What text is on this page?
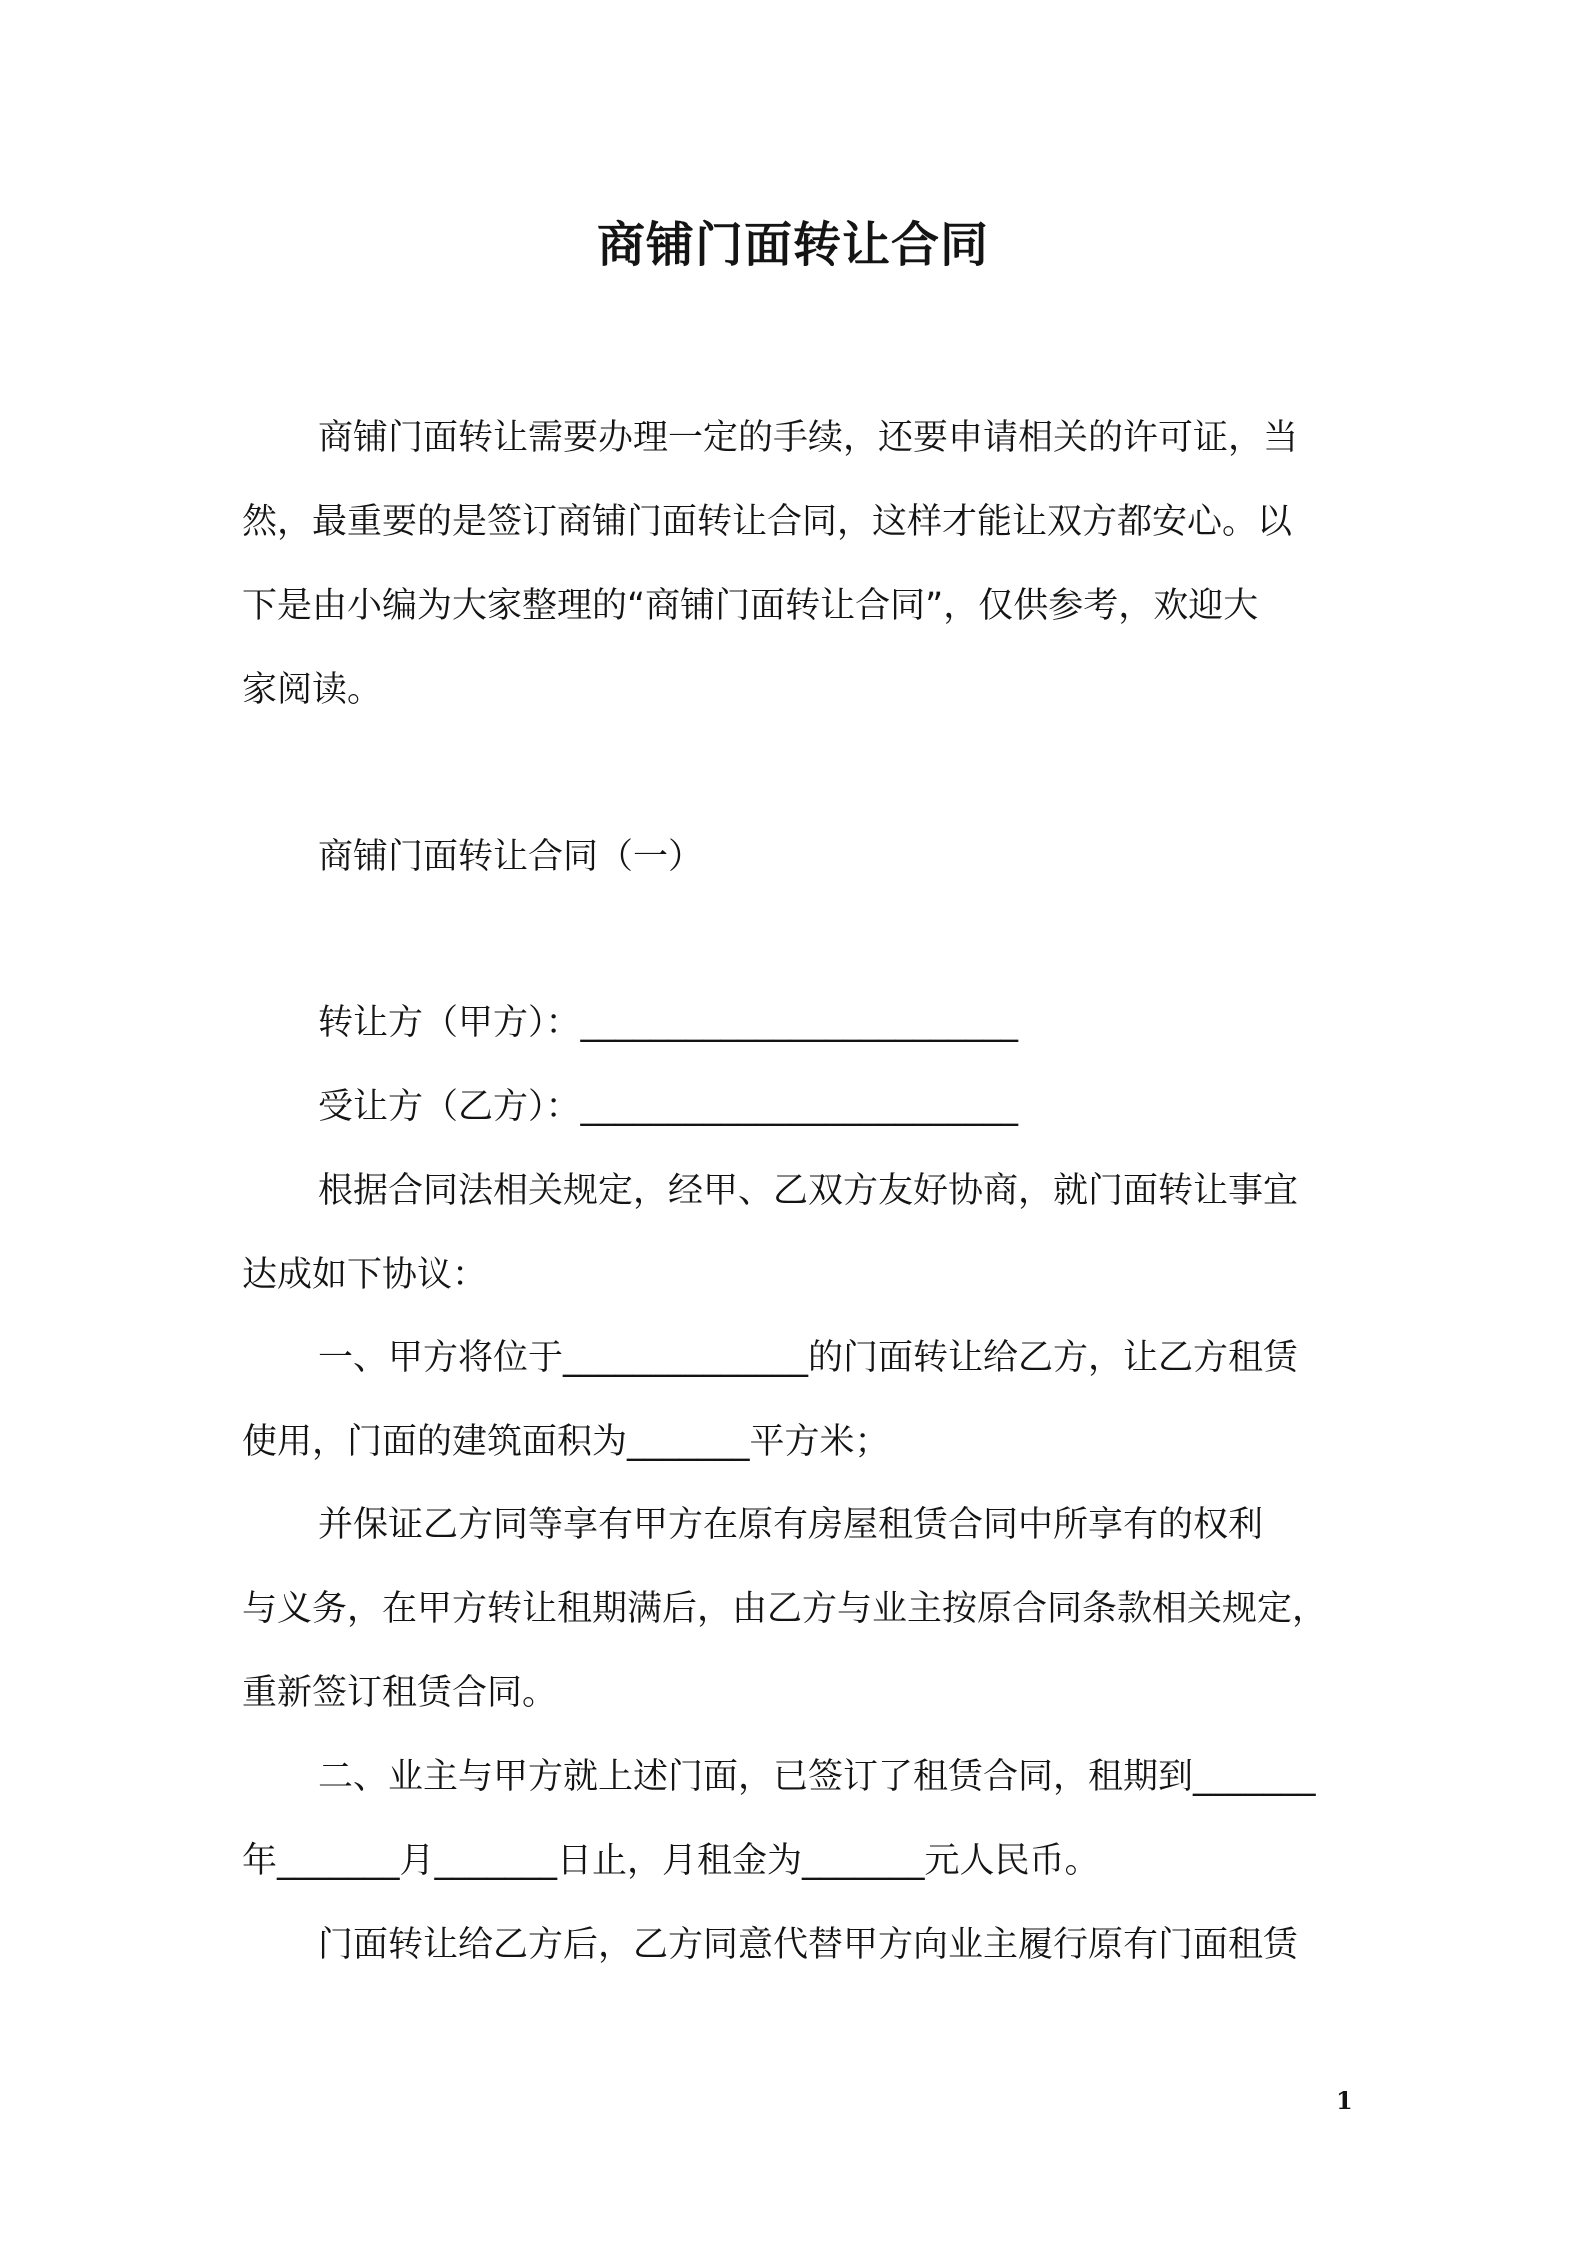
商铺门面转让合同

商铺门面转让需要办理一定的手续，还要申请相关的许可证，当

然，最重要的是签订商铺门面转让合同，这样才能让双方都安心。以

下是由小编为大家整理的“商铺门面转让合同”，仅供参考，欢迎大

家阅读。

商铺门面转让合同（一）

转让方（甲方）：_________________________

受让方（乙方）：_________________________

根据合同法相关规定，经甲、乙双方友好协商，就门面转让事宜

达成如下协议：

一、甲方将位于______________的门面转让给乙方，让乙方租赁

使用，门面的建筑面积为_______平方米；

并保证乙方同等享有甲方在原有房屋租赁合同中所享有的权利

与义务，在甲方转让租期满后，由乙方与业主按原合同条款相关规定，

重新签订租赁合同。

二、业主与甲方就上述门面，已签订了租赁合同，租期到_______

年_______月_______日止，月租金为_______元人民币。

门面转让给乙方后，乙方同意代替甲方向业主履行原有门面租赁

1
